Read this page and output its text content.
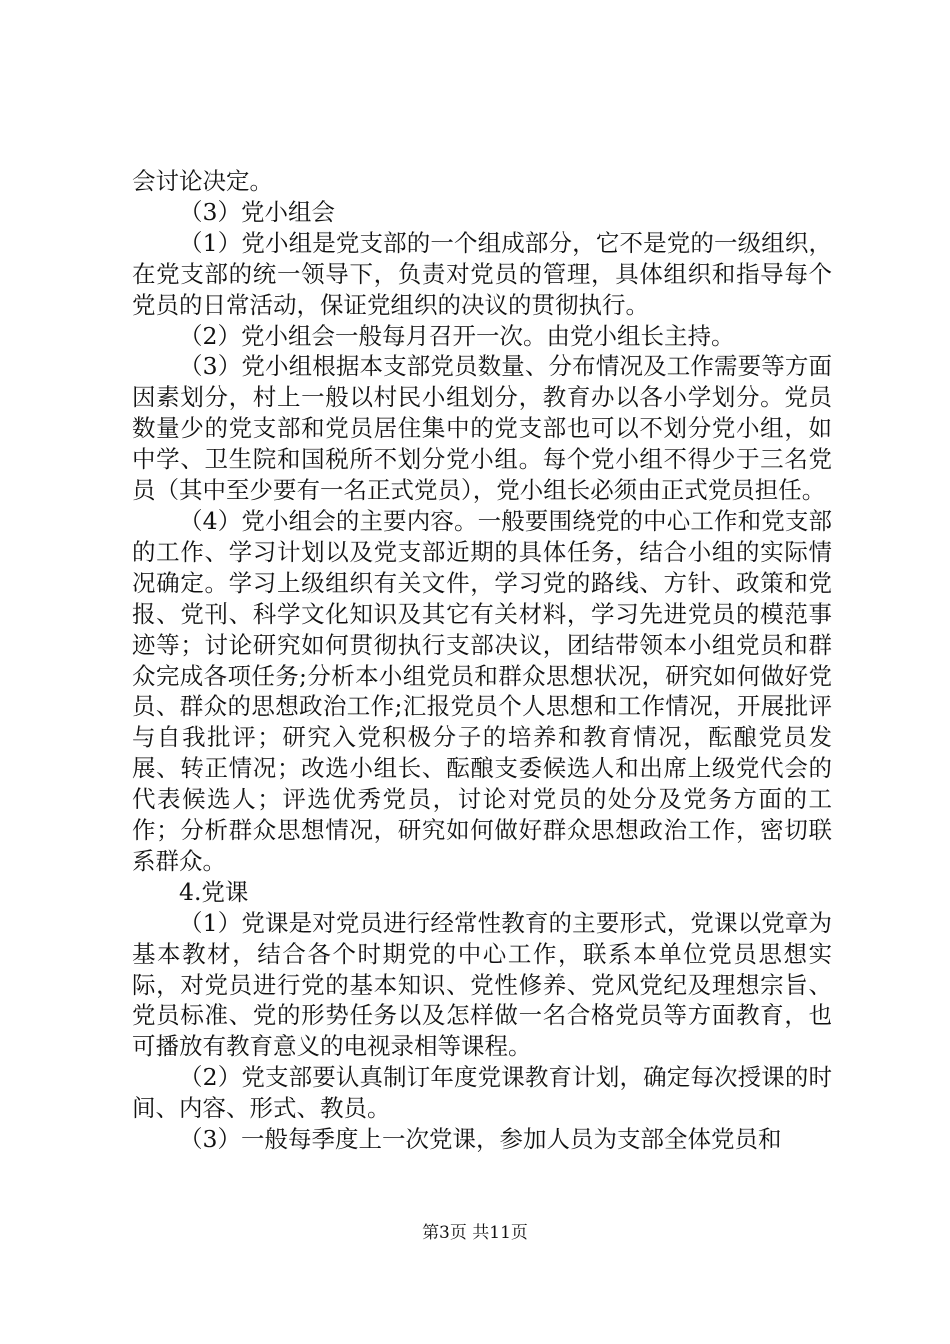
会讨论决定。

（3）党小组会

（1）党小组是党支部的一个组成部分，它不是党的一级组织，在党支部的统一领导下，负责对党员的管理，具体组织和指导每个党员的日常活动，保证党组织的决议的贯彻执行。

（2）党小组会一般每月召开一次。由党小组长主持。

（3）党小组根据本支部党员数量、分布情况及工作需要等方面因素划分，村上一般以村民小组划分，教育办以各小学划分。党员数量少的党支部和党员居住集中的党支部也可以不划分党小组，如中学、卫生院和国税所不划分党小组。每个党小组不得少于三名党员（其中至少要有一名正式党员），党小组长必须由正式党员担任。

（4）党小组会的主要内容。一般要围绕党的中心工作和党支部的工作、学习计划以及党支部近期的具体任务，结合小组的实际情况确定。学习上级组织有关文件，学习党的路线、方针、政策和党报、党刊、科学文化知识及其它有关材料，学习先进党员的模范事迹等；讨论研究如何贯彻执行支部决议，团结带领本小组党员和群众完成各项任务;分析本小组党员和群众思想状况，研究如何做好党员、群众的思想政治工作;汇报党员个人思想和工作情况，开展批评与自我批评；研究入党积极分子的培养和教育情况，酝酿党员发展、转正情况；改选小组长、酝酿支委候选人和出席上级党代会的代表候选人；评选优秀党员，讨论对党员的处分及党务方面的工作；分析群众思想情况，研究如何做好群众思想政治工作，密切联系群众。

4.党课

（1）党课是对党员进行经常性教育的主要形式，党课以党章为基本教材，结合各个时期党的中心工作，联系本单位党员思想实际，对党员进行党的基本知识、党性修养、党风党纪及理想宗旨、党员标准、党的形势任务以及怎样做一名合格党员等方面教育，也可播放有教育意义的电视录相等课程。

（2）党支部要认真制订年度党课教育计划，确定每次授课的时间、内容、形式、教员。

（3）一般每季度上一次党课，参加人员为支部全体党员和

第3页 共11页
